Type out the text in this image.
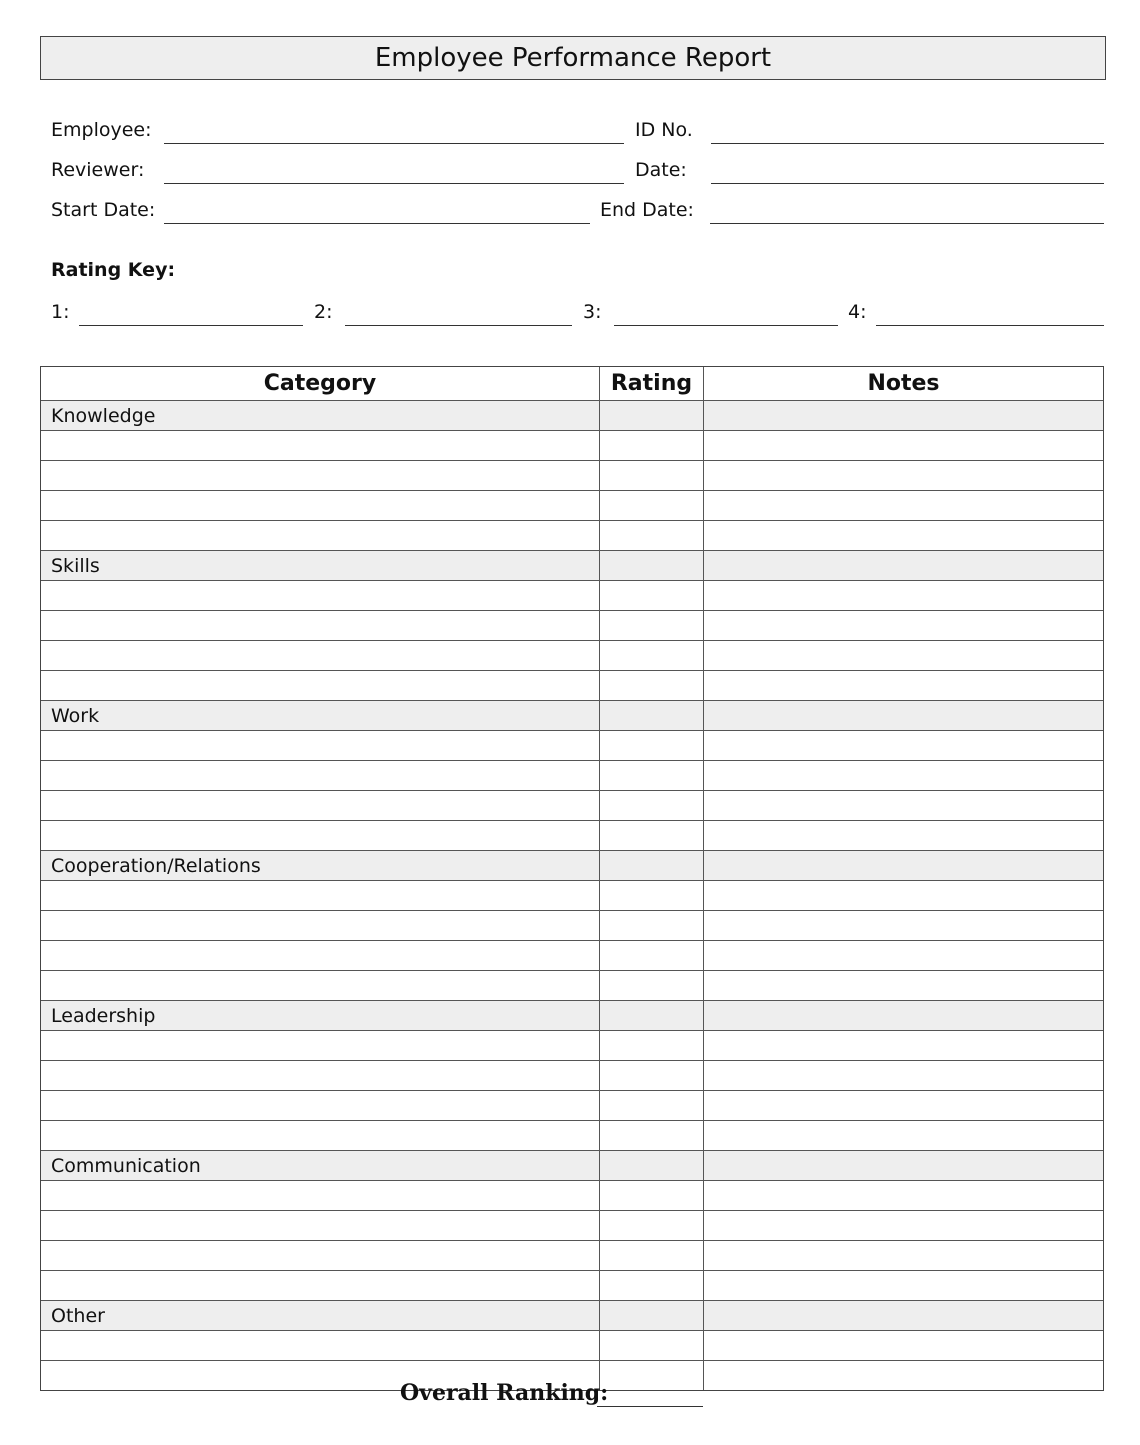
Employee Performance Report
Employee:	ID No.
Reviewer:	Date:
Start Date:	End Date:
Rating Key:
1:	2:	3:	4:
Category	Rating	Notes
Knowledge
Skills
Work
Cooperation/Relations
Leadership
Communication
Other
Overall Ranking:
